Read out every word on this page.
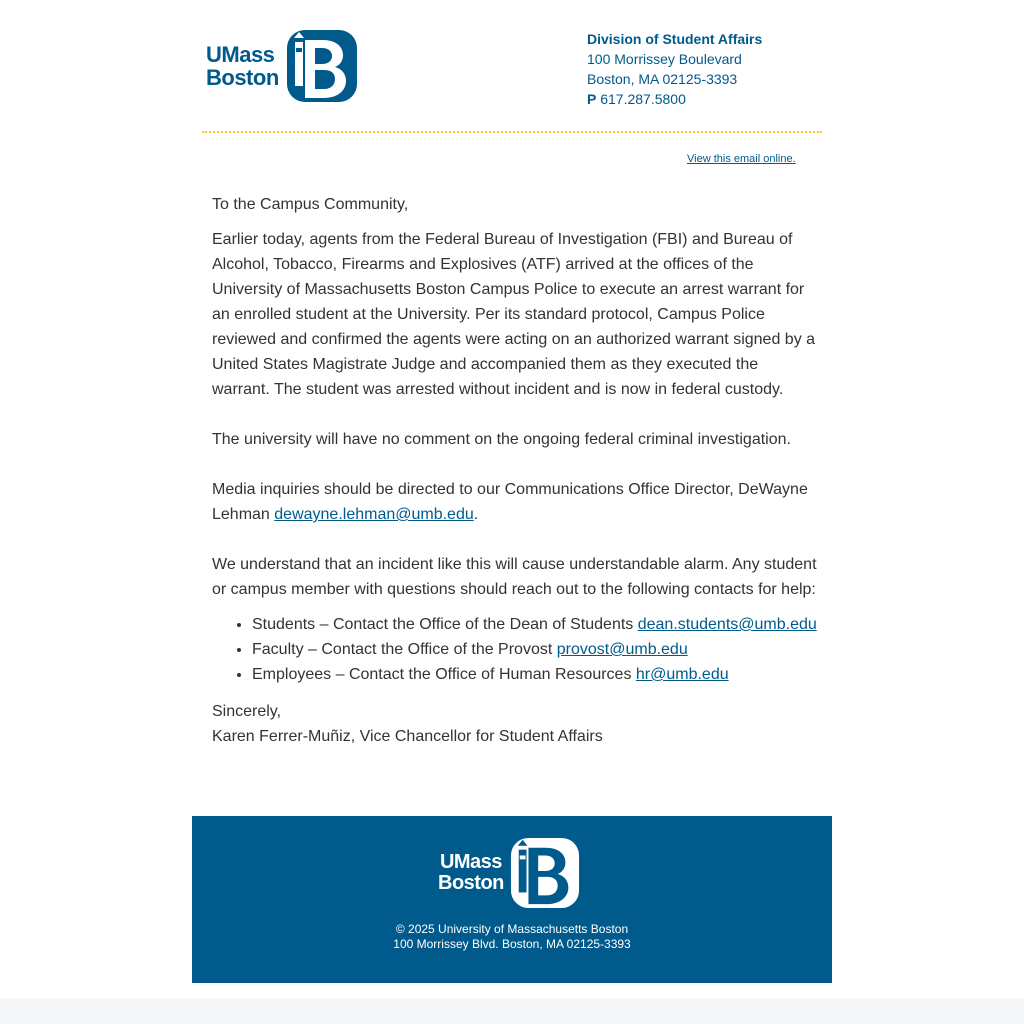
UMass
Boston
Division of Student Affairs
100 Morrissey Boulevard
Boston, MA 02125-3393
P 617.287.5800
View this email online.

To the Campus Community,

Earlier today, agents from the Federal Bureau of Investigation (FBI) and Bureau of Alcohol, Tobacco, Firearms and Explosives (ATF) arrived at the offices of the University of Massachusetts Boston Campus Police to execute an arrest warrant for an enrolled student at the University. Per its standard protocol, Campus Police reviewed and confirmed the agents were acting on an authorized warrant signed by a United States Magistrate Judge and accompanied them as they executed the warrant. The student was arrested without incident and is now in federal custody.

The university will have no comment on the ongoing federal criminal investigation.

Media inquiries should be directed to our Communications Office Director, DeWayne Lehman dewayne.lehman@umb.edu.

We understand that an incident like this will cause understandable alarm. Any student or campus member with questions should reach out to the following contacts for help:

• Students – Contact the Office of the Dean of Students dean.students@umb.edu
• Faculty – Contact the Office of the Provost provost@umb.edu
• Employees – Contact the Office of Human Resources hr@umb.edu
Sincerely,
Karen Ferrer-Muñiz, Vice Chancellor for Student Affairs
UMass
Boston
© 2025 University of Massachusetts Boston
100 Morrissey Blvd. Boston, MA 02125-3393
